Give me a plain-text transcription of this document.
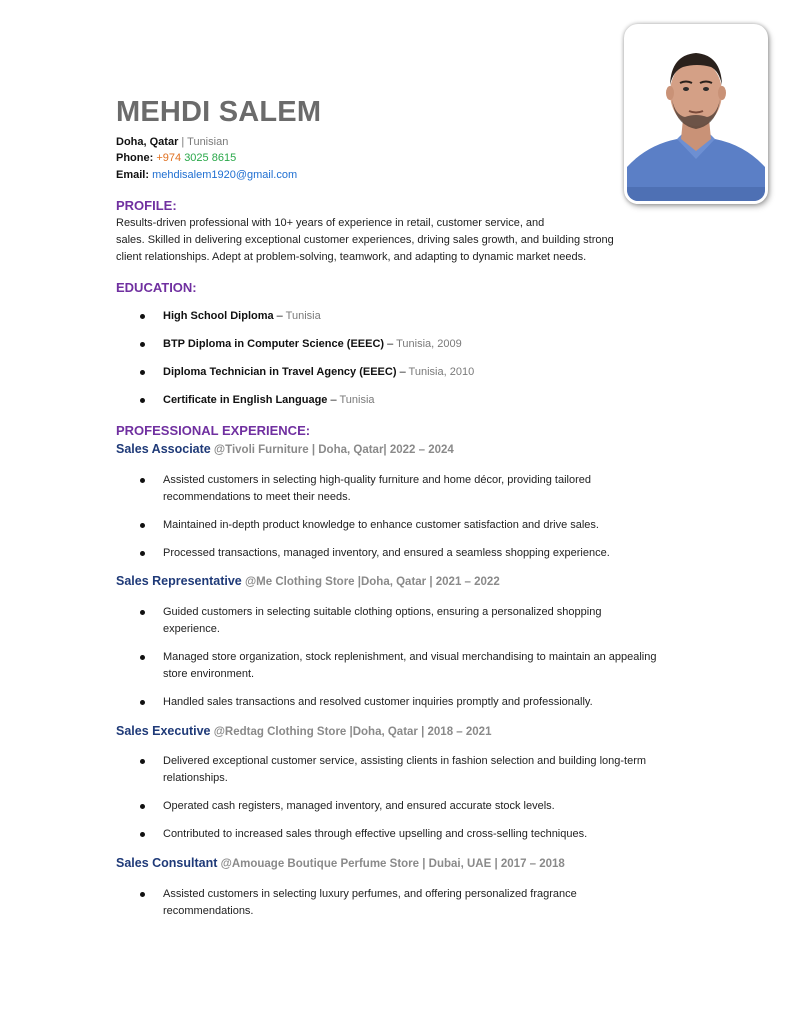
MEHDI SALEM
Doha, Qatar | Tunisian
Phone: +974 3025 8615
Email: mehdisalem1920@gmail.com
PROFILE:
Results-driven professional with 10+ years of experience in retail, customer service, and
sales. Skilled in delivering exceptional customer experiences, driving sales growth, and building strong
client relationships. Adept at problem-solving, teamwork, and adapting to dynamic market needs.
EDUCATION:
High School Diploma – Tunisia
BTP Diploma in Computer Science (EEEC) – Tunisia, 2009
Diploma Technician in Travel Agency (EEEC) – Tunisia, 2010
Certificate in English Language – Tunisia
PROFESSIONAL EXPERIENCE:
Sales Associate @Tivoli Furniture | Doha, Qatar| 2022 – 2024
Assisted customers in selecting high-quality furniture and home décor, providing tailored recommendations to meet their needs.
Maintained in-depth product knowledge to enhance customer satisfaction and drive sales.
Processed transactions, managed inventory, and ensured a seamless shopping experience.
Sales Representative @Me Clothing Store |Doha, Qatar | 2021 – 2022
Guided customers in selecting suitable clothing options, ensuring a personalized shopping experience.
Managed store organization, stock replenishment, and visual merchandising to maintain an appealing store environment.
Handled sales transactions and resolved customer inquiries promptly and professionally.
Sales Executive @Redtag Clothing Store |Doha, Qatar | 2018 – 2021
Delivered exceptional customer service, assisting clients in fashion selection and building long-term relationships.
Operated cash registers, managed inventory, and ensured accurate stock levels.
Contributed to increased sales through effective upselling and cross-selling techniques.
Sales Consultant @Amouage Boutique Perfume Store | Dubai, UAE | 2017 – 2018
Assisted customers in selecting luxury perfumes, and offering personalized fragrance recommendations.
